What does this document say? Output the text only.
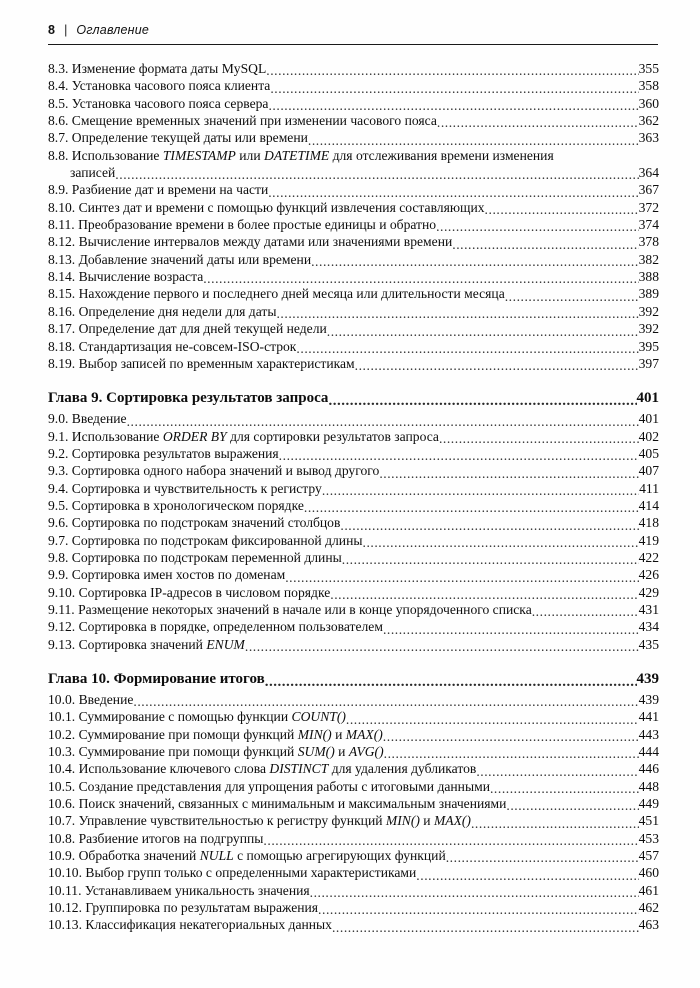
8 | Оглавление
8.3. Изменение формата даты MySQL .....	355
8.4. Установка часового пояса клиента .....	358
8.5. Установка часового пояса сервера .....	360
8.6. Смещение временных значений при изменении часового пояса .....	362
8.7. Определение текущей даты или времени .....	363
8.8. Использование TIMESTAMP или DATETIME для отслеживания времени изменения
записей .....	364
8.9. Разбиение дат и времени на части .....	367
8.10. Синтез дат и времени с помощью функций извлечения составляющих .....	372
8.11. Преобразование времени в более простые единицы и обратно .....	374
8.12. Вычисление интервалов между датами или значениями времени .....	378
8.13. Добавление значений даты или времени .....	382
8.14. Вычисление возраста .....	388
8.15. Нахождение первого и последнего дней месяца или длительности месяца .....	389
8.16. Определение дня недели для даты .....	392
8.17. Определение дат для дней текущей недели .....	392
8.18. Стандартизация не-совсем-ISO-строк .....	395
8.19. Выбор записей по временным характеристикам .....	397
Глава 9. Сортировка результатов запроса .....	401
9.0. Введение .....	401
9.1. Использование ORDER BY для сортировки результатов запроса .....	402
9.2. Сортировка результатов выражения .....	405
9.3. Сортировка одного набора значений и вывод другого .....	407
9.4. Сортировка и чувствительность к регистру .....	411
9.5. Сортировка в хронологическом порядке .....	414
9.6. Сортировка по подстрокам значений столбцов .....	418
9.7. Сортировка по подстрокам фиксированной длины .....	419
9.8. Сортировка по подстрокам переменной длины .....	422
9.9. Сортировка имен хостов по доменам .....	426
9.10. Сортировка IP-адресов в числовом порядке .....	429
9.11. Размещение некоторых значений в начале или в конце упорядоченного списка .....	431
9.12. Сортировка в порядке, определенном пользователем .....	434
9.13. Сортировка значений ENUM .....	435
Глава 10. Формирование итогов .....	439
10.0. Введение .....	439
10.1. Суммирование с помощью функции COUNT() .....	441
10.2. Суммирование при помощи функций MIN() и MAX() .....	443
10.3. Суммирование при помощи функций SUM() и AVG() .....	444
10.4. Использование ключевого слова DISTINCT для удаления дубликатов .....	446
10.5. Создание представления для упрощения работы с итоговыми данными .....	448
10.6. Поиск значений, связанных с минимальным и максимальным значениями .....	449
10.7. Управление чувствительностью к регистру функций MIN() и MAX() .....	451
10.8. Разбиение итогов на подгруппы .....	453
10.9. Обработка значений NULL с помощью агрегирующих функций .....	457
10.10. Выбор групп только с определенными характеристиками .....	460
10.11. Устанавливаем уникальность значения .....	461
10.12. Группировка по результатам выражения .....	462
10.13. Классификация некатегориальных данных .....	463
